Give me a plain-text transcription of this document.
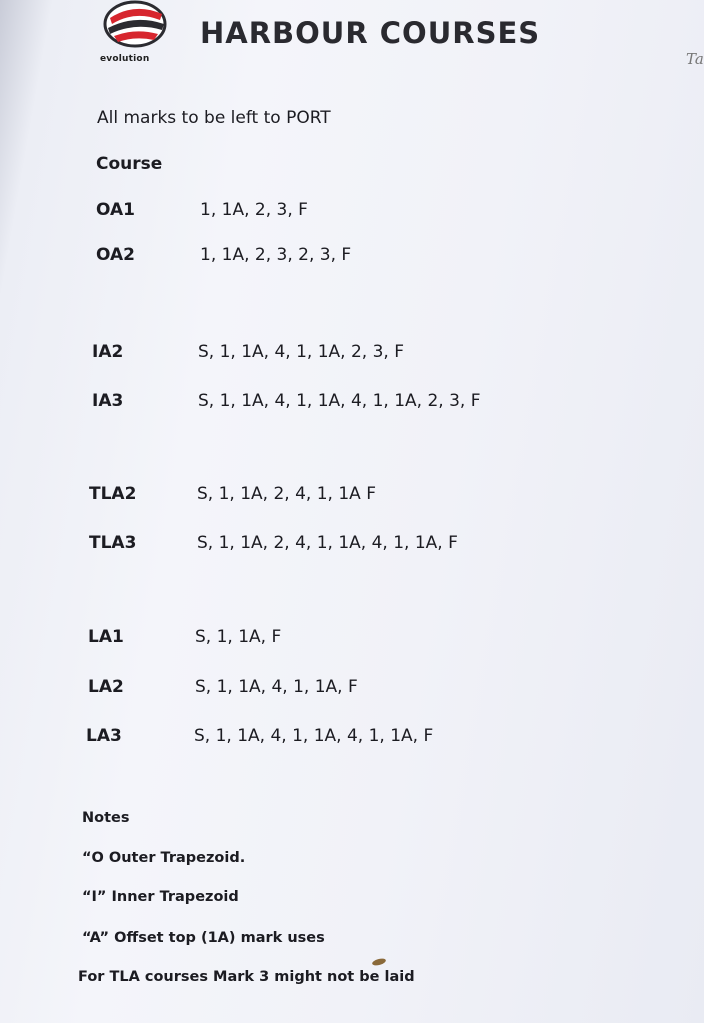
evolution
HARBOUR COURSES
Ta
All marks to be left to PORT
Course
OA1	1, 1A, 2, 3, F
OA2	1, 1A, 2, 3, 2, 3, F
IA2	S, 1, 1A, 4, 1, 1A, 2, 3, F
IA3	S, 1, 1A, 4, 1, 1A, 4, 1, 1A, 2, 3, F
TLA2	S, 1, 1A, 2, 4, 1, 1A F
TLA3	S, 1, 1A, 2, 4, 1, 1A, 4, 1, 1A, F
LA1	S, 1, 1A, F
LA2	S, 1, 1A, 4, 1, 1A, F
LA3	S, 1, 1A, 4, 1, 1A, 4, 1, 1A, F
Notes
“O Outer Trapezoid.
“I” Inner Trapezoid
“A” Offset top (1A) mark uses
For TLA courses Mark 3 might not be laid
